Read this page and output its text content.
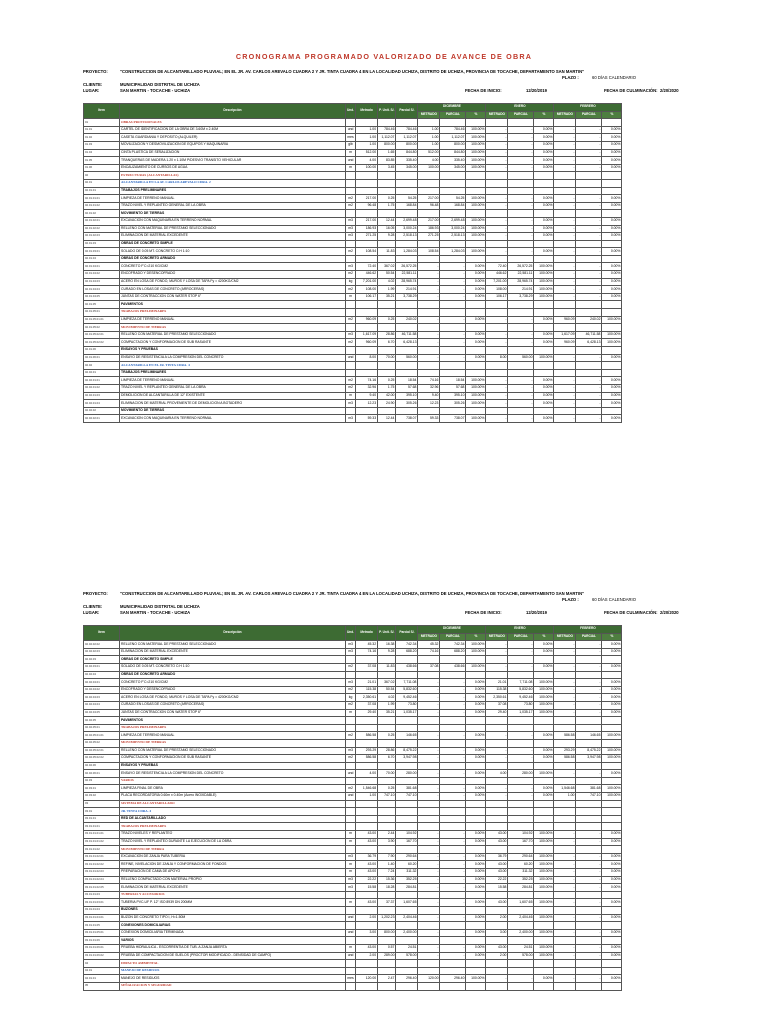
CRONOGRAMA PROGRAMADO VALORIZADO DE AVANCE DE OBRA
PROYECTO:	"CONSTRUCCION DE ALCANTARILLADO PLUVIAL; EN EL JR. AV. CARLOS AREVALO CUADRA 2 Y JR. TINTA CUADRA 4 EN LA LOCALIDAD UCHIZA, DISTRITO DE UCHIZA, PROVINCIA DE TOCACHE, DEPARTAMENTO SAN MARTIN"
PLAZO :	60 DÍAS CALENDARIO
CLIENTE:	MUNICIPALIDAD DISTRITAL DE UCHIZA
LUGAR:	SAN MARTIN - TOCACHE - UCHIZA	FECHA DE INICIO:	12/20/2019	FECHA DE CULMINACIÓN: 2/20/2020
Item	Descripción	Und.	Metrado	P. Unit. S/.	Parcial S/.	DICIEMBRE			ENERO			FEBRERO		
						METRADO	PARCIAL	%	METRADO	PARCIAL	%	METRADO	PARCIAL	%
01	OBRAS PROVISIONALES													
01.01	CARTEL DE IDENTIFICACION DE LA OBRA DE 3.60M x 2.40M	und	1.00	784.46	784.46	1.00	784.46	100.00%	-	-	0.00%	-	-	0.00%
01.02	CASETA GUARDIANIA Y DEPOSITO (ALQUILER)	mes	1.00	1,112.07	1,112.07	1.00	1,112.07	100.00%	-	-	0.00%	-	-	0.00%
01.03	MOVILIZACION Y DESMOVILIZACION DE EQUIPOS Y MAQUINARIA	glb	1.00	800.00	800.00	1.00	800.00	100.00%	-	-	0.00%	-	-	0.00%
01.04	CINTA PLASTICA DE SEÑALIZACION	m	512.00	1.65	844.80	512.00	844.80	100.00%	-	-	0.00%	-	-	0.00%
01.05	TRANQUERAS DE MADERA 1.20 x 1.10M P/DESVIO TRANSITO VEHICULAR	und	4.00	83.85	335.40	4.00	335.40	100.00%	-	-	0.00%	-	-	0.00%
01.06	ENCAUZAMIENTO DE CURSOS DE AGUA	m	100.00	3.45	345.00	100.00	345.00	100.00%	-	-	0.00%	-	-	0.00%
02	ESTRUCTURAS (ALCANTARILLAS)													
02.01	ALCANTARILLA EN LA AV. CARLOS AREVALO CDRA. 2													
02.01.01	TRABAJOS PRELIMINARES													
02.01.01.01	LIMPIEZA DE TERRENO MANUAL	m2	217.00	0.25	54.25	217.00	54.25	100.00%	-	-	0.00%	-	-	0.00%
02.01.01.02	TRAZO NIVEL Y REPLANTEO GENERAL DE LA OBRA	m2	96.48	1.75	168.84	96.48	168.84	100.00%	-	-	0.00%	-	-	0.00%
02.01.02	MOVIMIENTO DE TIERRAS													
02.01.02.01	EXCAVACION CON MAQUINARIA EN TERRENO NORMAL	m3	217.00	12.44	2,699.48	217.00	2,699.48	100.00%	-	-	0.00%	-	-	0.00%
02.01.02.02	RELLENO CON MATERIAL DE PRESTAMO SELECCIONADO	m3	186.93	16.05	3,000.24	186.93	3,000.24	100.00%	-	-	0.00%	-	-	0.00%
02.01.02.03	ELIMINACION DE MATERIAL EXCEDENTE	m3	271.25	9.28	2,518.13	271.25	2,518.13	100.00%	-	-	0.00%	-	-	0.00%
02.01.03	OBRAS DE CONCRETO SIMPLE													
02.01.03.01	SOLADO DE 0.05 MT. CONCRETO C:H 1:10	m2	108.54	11.83	1,284.03	108.54	1,284.03	100.00%	-	-	0.00%	-	-	0.00%
02.01.04	OBRAS DE CONCRETO ARMADO													
02.01.04.01	CONCRETO F'C=210 KG/CM2	m3	72.40	367.02	26,572.25	-	-	0.00%	72.40	26,572.25	100.00%	-	-	0.00%
02.01.04.02	ENCOFRADO Y DESENCOFRADO	m2	446.62	50.54	22,581.11	-	-	0.00%	446.62	22,581.11	100.00%	-	-	0.00%
02.01.04.03	ACERO EN LOSA DE FONDO, MUROS Y LOSA DE TAPA Fy = 4200KG/CM2	kg	7,201.00	4.02	28,965.74	-	-	0.00%	7,201.00	28,965.74	100.00%	-	-	0.00%
02.01.04.04	CURADO EN LOSAS DE CONCRETO (ARROCERAS)	m2	108.00	1.99	214.91	-	-	0.00%	108.00	214.91	100.00%	-	-	0.00%
02.01.04.05	JUNTAS DE CONTRACCION CON WATER STOP 6"	m	106.17	35.21	3,738.29	-	-	0.00%	106.17	3,738.29	100.00%	-	-	0.00%
02.01.05	PAVIMENTOS													
02.01.05.01	TRABAJOS PRELIMINARES													
02.01.05.01.01	LIMPIEZA DE TERRENO MANUAL	m2	960.09	0.25	240.02	-	-	0.00%	-	-	0.00%	960.09	240.02	100.00%
02.01.05.02	MOVIMIENTO DE TIERRAS													
02.01.05.02.01	RELLENO CON MATERIAL DE PRESTAMO SELECCIONADO	m3	1,617.09	28.86	46,711.58	-	-	0.00%	-	-	0.00%	1,617.09	46,711.58	100.00%
02.01.05.02.02	COMPACTACION Y CONFORMACION DE SUB RASANTE	m2	960.09	6.70	6,428.13	-	-	0.00%	-	-	0.00%	960.09	6,428.13	100.00%
02.01.06	ENSAYOS Y PRUEBAS													
02.01.06.01	ENSAYO DE RESISTENCIA A LA COMPRESION DEL CONCRETO	und	8.00	70.00	560.00	-	-	0.00%	8.00	560.00	100.00%	-	-	0.00%
02.02	ALCANTARILLA EN EL JR. TINTA CDRA. 4													
02.02.01	TRABAJOS PRELIMINARES													
02.02.01.01	LIMPIEZA DE TERRENO MANUAL	m2	74.16	0.25	18.54	74.16	18.54	100.00%	-	-	0.00%	-	-	0.00%
02.02.01.02	TRAZO NIVEL Y REPLANTEO GENERAL DE LA OBRA	m2	32.96	1.75	57.68	32.96	57.68	100.00%	-	-	0.00%	-	-	0.00%
02.02.01.03	DEMOLICION DE ALCANTARILLA DE 12" EXISTENTE	m	9.40	42.00	395.10	9.40	395.10	100.00%	-	-	0.00%	-	-	0.00%
02.02.01.04	ELIMINACION DE MATERIAL PROVENIENTE DE DEMOLICION A BOTADERO	m3	12.23	24.90	305.26	12.23	305.26	100.00%	-	-	0.00%	-	-	0.00%
02.02.02	MOVIMIENTO DE TIERRAS													
02.02.02.01	EXCAVACION CON MAQUINARIA EN TERRENO NORMAL	m3	59.33	12.44	738.07	59.33	738.07	100.00%	-	-	0.00%	-	-	0.00%
PROYECTO:	"CONSTRUCCION DE ALCANTARILLADO PLUVIAL; EN EL JR. AV. CARLOS AREVALO CUADRA 2 Y JR. TINTA CUADRA 4 EN LA LOCALIDAD UCHIZA, DISTRITO DE UCHIZA, PROVINCIA DE TOCACHE, DEPARTAMENTO SAN MARTIN"
PLAZO :	60 DÍAS CALENDARIO
CLIENTE:	MUNICIPALIDAD DISTRITAL DE UCHIZA
LUGAR:	SAN MARTIN - TOCACHE - UCHIZA	FECHA DE INICIO:	12/20/2019	FECHA DE CULMINACIÓN: 2/20/2020
Item	Descripción	Und.	Metrado	P. Unit. S/.	Parcial S/.	DICIEMBRE			ENERO			FEBRERO		
						METRADO	PARCIAL	%	METRADO	PARCIAL	%	METRADO	PARCIAL	%
02.02.02.02	RELLENO CON MATERIAL DE PRESTAMO SELECCIONADO	m3	45.32	16.38	742.34	45.32	742.34	100.00%	-	-	0.00%	-	-	0.00%
02.02.02.03	ELIMINACION DE MATERIAL EXCEDENTE	m3	74.16	9.28	688.20	74.16	688.20	100.00%	-	-	0.00%	-	-	0.00%
02.02.03	OBRAS DE CONCRETO SIMPLE													
02.02.03.01	SOLADO DE 0.05 MT. CONCRETO C:H 1:10	m2	37.08	11.83	438.66	37.08	438.66	100.00%	-	-	0.00%	-	-	0.00%
02.02.04	OBRAS DE CONCRETO ARMADO													
02.02.04.01	CONCRETO F'C=210 KG/CM2	m3	21.01	367.02	7,711.08	-	-	0.00%	21.01	7,711.08	100.00%	-	-	0.00%
02.02.04.02	ENCOFRADO Y DESENCOFRADO	m2	115.38	50.54	5,832.60	-	-	0.00%	115.38	5,832.60	100.00%	-	-	0.00%
02.02.04.03	ACERO EN LOSA DE FONDO, MUROS Y LOSA DE TAPA Fy = 4200KG/CM2	kg	2,350.61	4.02	9,452.46	-	-	0.00%	2,350.61	9,452.46	100.00%	-	-	0.00%
02.02.04.04	CURADO EN LOSAS DE CONCRETO (ARROCERAS)	m2	37.08	1.99	73.80	-	-	0.00%	37.08	73.80	100.00%	-	-	0.00%
02.02.04.05	JUNTAS DE CONTRACCION CON WATER STOP 6"	m	29.40	35.21	1,035.17	-	-	0.00%	29.40	1,035.17	100.00%	-	-	0.00%
02.02.05	PAVIMENTOS													
02.02.05.01	TRABAJOS PRELIMINARES													
02.02.05.01.01	LIMPIEZA DE TERRENO MANUAL	m2	586.58	0.25	146.65	-	-	0.00%	-	-	0.00%	586.58	146.65	100.00%
02.02.05.02	MOVIMIENTO DE TIERRAS													
02.02.05.02.01	RELLENO CON MATERIAL DE PRESTAMO SELECCIONADO	m3	293.29	28.86	8,475.22	-	-	0.00%	-	-	0.00%	293.29	8,475.22	100.00%
02.02.05.02.02	COMPACTACION Y CONFORMACION DE SUB RASANTE	m2	586.58	6.70	3,947.98	-	-	0.00%	-	-	0.00%	586.58	3,947.98	100.00%
02.02.06	ENSAYOS Y PRUEBAS													
02.02.06.01	ENSAYO DE RESISTENCIA A LA COMPRESION DEL CONCRETO	und	4.00	70.00	280.00	-	-	0.00%	4.00	280.00	100.00%	-	-	0.00%
02.03	VARIOS													
02.03.01	LIMPIEZA FINAL DE OBRA	m2	1,546.68	0.25	381.68	-	-	0.00%	-	-	0.00%	1,546.68	381.68	100.00%
02.03.02	PLACA RECORDATORIA 0.60m x 0.40m (Acero INOXIDABLE)	und	1.00	747.10	747.10	-	-	0.00%	-	-	0.00%	1.00	747.10	100.00%
03	SISTEMA DE ALCANTARILLADO													
03.01	JR. TINTA CDRA. 4													
03.01.01	RED DE ALCANTARILLADO													
03.01.01.01	TRABAJOS PRELIMINARES													
03.01.01.01.01	TRAZO NIVELES Y REPLANTEO	m	43.00	2.44	104.92	-	-	0.00%	43.00	104.92	100.00%	-	-	0.00%
03.01.01.01.02	TRAZO NIVEL Y REPLANTEO DURANTE LA EJECUCION DE LA OBRA	m	43.00	3.90	167.70	-	-	0.00%	43.00	167.70	100.00%	-	-	0.00%
03.01.01.02	MOVIMIENTO DE TIERRA													
03.01.01.02.01	EXCAVACION DE ZANJA PARA TUBERIA	m3	36.79	7.90	290.64	-	-	0.00%	36.79	290.64	100.00%	-	-	0.00%
03.01.01.02.02	REFINE, NIVELACION DE ZANJA Y CONFORMACION DE FONDOS	m	43.00	1.40	60.20	-	-	0.00%	43.00	60.20	100.00%	-	-	0.00%
03.01.01.02.03	PREPARACION DE CAMA DE APOYO	m	43.00	7.24	311.32	-	-	0.00%	43.00	311.32	100.00%	-	-	0.00%
03.01.01.02.04	RELLENO COMPACTADO CON MATERIAL PROPIO	m3	22.22	15.36	352.25	-	-	0.00%	22.22	352.25	100.00%	-	-	0.00%
03.01.01.02.05	ELIMINACION DE MATERIAL EXCEDENTE	m3	15.58	18.28	284.81	-	-	0.00%	15.58	284.81	100.00%	-	-	0.00%
03.01.01.03	TUBERIAS Y ACCESORIOS													
03.01.01.03.01	TUBERIA PVC-UF P. 12" ISO 8939 DN 200MM	m	43.00	37.37	1,607.65	-	-	0.00%	43.00	1,607.65	100.00%	-	-	0.00%
03.01.01.04	BUZONES													
03.01.01.04.01	BUZON DE CONCRETO TIPO I, H=1.50M	und	2.00	1,202.23	2,404.46	-	-	0.00%	2.00	2,404.46	100.00%	-	-	0.00%
03.01.01.05	CONEXIONES DOMICILIARIAS													
03.01.01.05.01	CONEXION DOMICILIARIA TERMINADA	und	3.00	800.00	2,400.00	-	-	0.00%	3.00	2,400.00	100.00%	-	-	0.00%
03.01.01.06	VARIOS													
03.01.01.06.01	PRUEBA HIDRAULICA - ESCORRENTIA DE TUB. A ZANJA ABIERTA	m	43.00	0.57	24.51	-	-	0.00%	43.00	24.51	100.00%	-	-	0.00%
03.01.01.06.02	PRUEBA DE COMPACTACION DE SUELOS (PROCTOR MODIFICADO - DENSIDAD DE CAMPO)	und	2.00	289.00	578.00	-	-	0.00%	2.00	578.00	100.00%	-	-	0.00%
04	IMPACTO AMBIENTAL													
04.01	MANEJO DE RESIDUOS													
04.01.01	MANEJO DE RESIDUOS	mes	120.00	2.47	296.40	120.00	296.40	100.00%	-	-	0.00%	-	-	0.00%
05	SEÑALIZACION Y SEGURIDAD													
